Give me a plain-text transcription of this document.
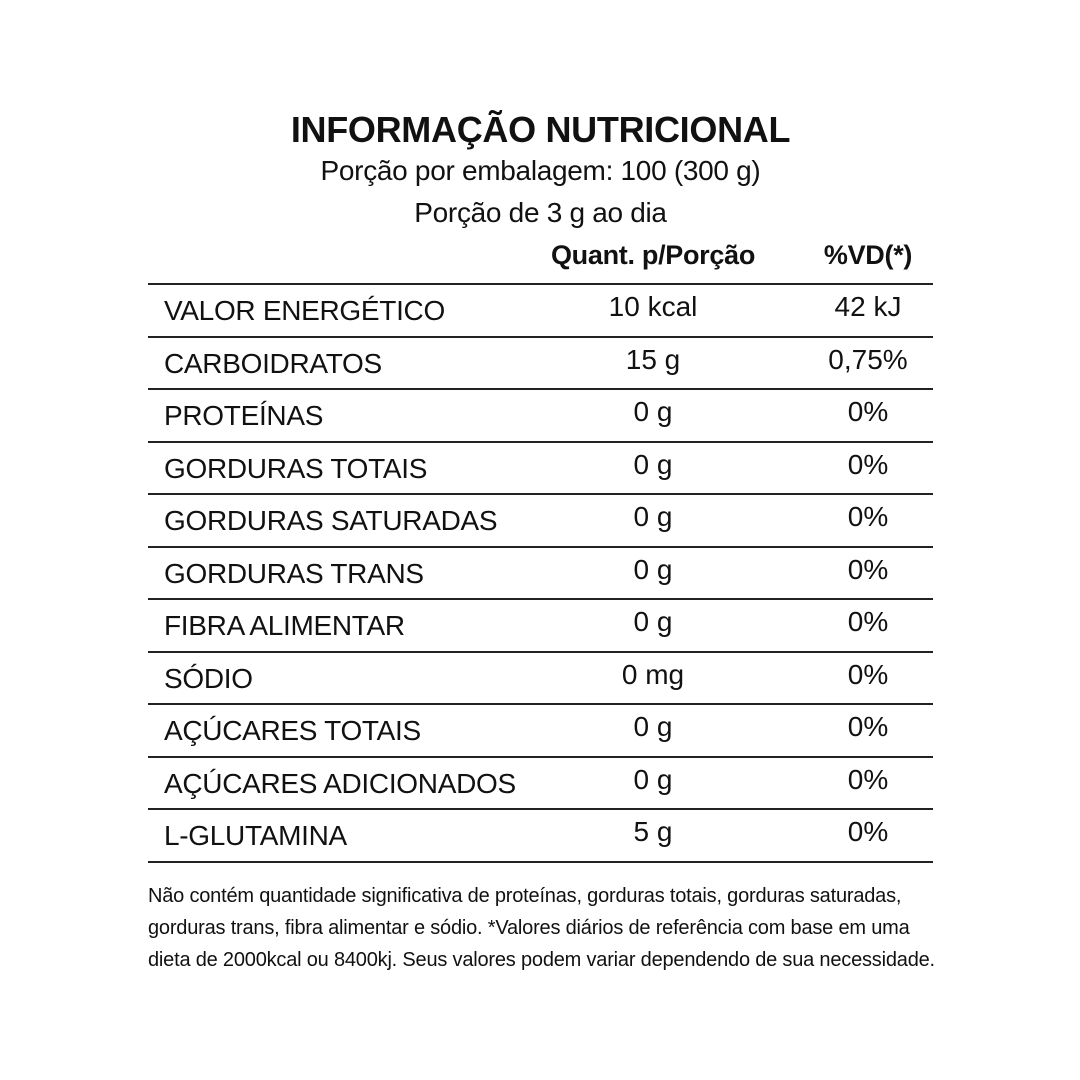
INFORMAÇÃO NUTRICIONAL
Porção por embalagem: 100 (300 g)
Porção de 3 g ao dia
Quant. p/Porção	%VD(*)
VALOR ENERGÉTICO	10 kcal	42 kJ
CARBOIDRATOS	15 g	0,75%
PROTEÍNAS	0 g	0%
GORDURAS TOTAIS	0 g	0%
GORDURAS SATURADAS	0 g	0%
GORDURAS TRANS	0 g	0%
FIBRA ALIMENTAR	0 g	0%
SÓDIO	0 mg	0%
AÇÚCARES TOTAIS	0 g	0%
AÇÚCARES ADICIONADOS	0 g	0%
L-GLUTAMINA	5 g	0%
Não contém quantidade significativa de proteínas, gorduras totais, gorduras saturadas, gorduras trans, fibra alimentar e sódio. *Valores diários de referência com base em uma dieta de 2000kcal ou 8400kj. Seus valores podem variar dependendo de sua necessidade.
